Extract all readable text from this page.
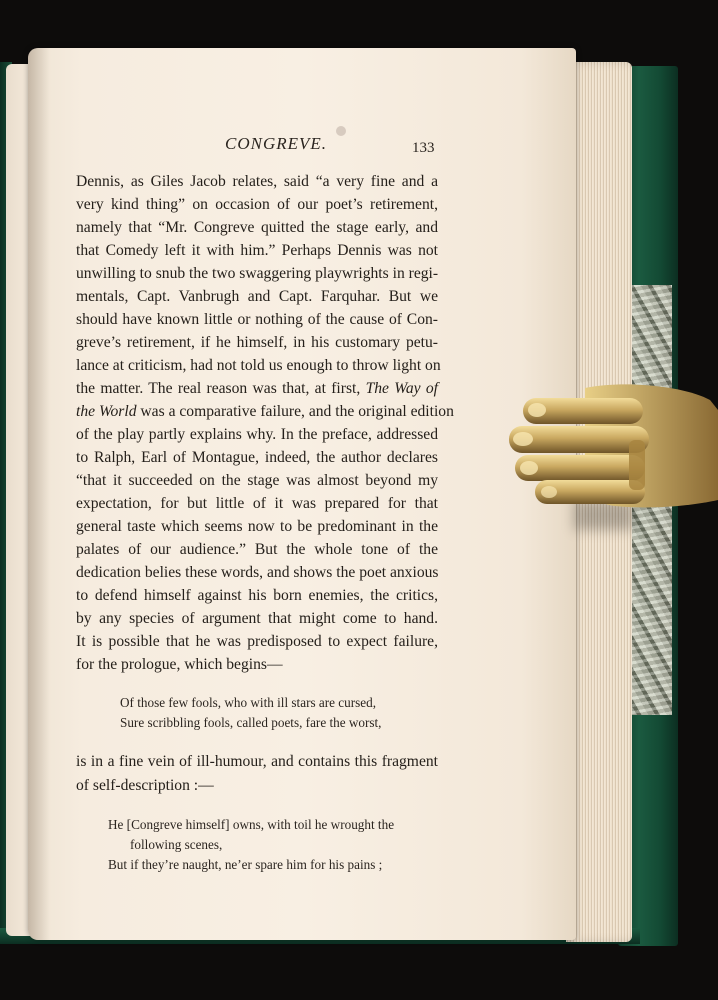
CONGREVE.	133
Dennis, as Giles Jacob relates, said “a very fine and a
very kind thing” on occasion of our poet’s retirement,
namely that “Mr. Congreve quitted the stage early, and
that Comedy left it with him.” Perhaps Dennis was not
unwilling to snub the two swaggering playwrights in regi-
mentals, Capt. Vanbrugh and Capt. Farquhar. But we
should have known little or nothing of the cause of Con-
greve’s retirement, if he himself, in his customary petu-
lance at criticism, had not told us enough to throw light on
the matter. The real reason was that, at first, The Way of
the World was a comparative failure, and the original edition
of the play partly explains why. In the preface, addressed
to Ralph, Earl of Montague, indeed, the author declares
“that it succeeded on the stage was almost beyond my
expectation, for but little of it was prepared for that
general taste which seems now to be predominant in the
palates of our audience.” But the whole tone of the
dedication belies these words, and shows the poet anxious
to defend himself against his born enemies, the critics,
by any species of argument that might come to hand.
It is possible that he was predisposed to expect failure,
for the prologue, which begins—
Of those few fools, who with ill stars are cursed,
Sure scribbling fools, called poets, fare the worst,
is in a fine vein of ill-humour, and contains this fragment
of self-description :—
He [Congreve himself] owns, with toil he wrought the
following scenes,
But if they’re naught, ne’er spare him for his pains ;
